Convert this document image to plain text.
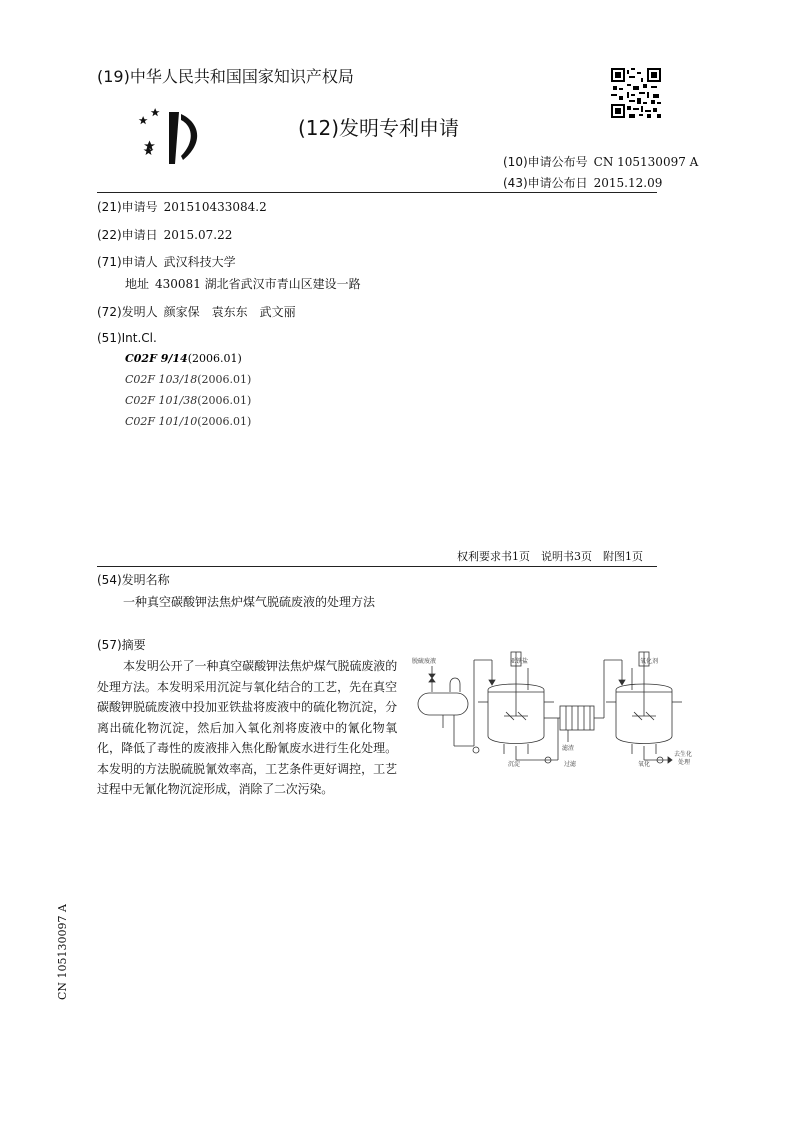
(19)中华人民共和国国家知识产权局
(12)发明专利申请
(10)申请公布号 CN 105130097 A
(43)申请公布日 2015.12.09
(21)申请号 201510433084.2
(22)申请日 2015.07.22
(71)申请人 武汉科技大学
地址 430081 湖北省武汉市青山区建设一路
(72)发明人 颜家保　袁东东　武文丽
(51)Int.Cl.
C02F 9/14(2006.01)
C02F 103/18(2006.01)
C02F 101/38(2006.01)
C02F 101/10(2006.01)
权利要求书1页　说明书3页　附图1页
(54)发明名称
一种真空碳酸钾法焦炉煤气脱硫废液的处理方法
(57)摘要
本发明公开了一种真空碳酸钾法焦炉煤气脱硫废液的处理方法。本发明采用沉淀与氧化结合的工艺，先在真空碳酸钾脱硫废液中投加亚铁盐将废液中的硫化物沉淀，分离出硫化物沉淀，然后加入氧化剂将废液中的氰化物氧化，降低了毒性的废液排入焦化酚氰废水进行生化处理。本发明的方法脱硫脱氰效率高，工艺条件更好调控，工艺过程中无氰化物沉淀形成，消除了二次污染。
脱硫废液	亚铁盐	氧化剂
滤渣
去生化
处理
沉淀	过滤	氧化
CN 105130097 A
